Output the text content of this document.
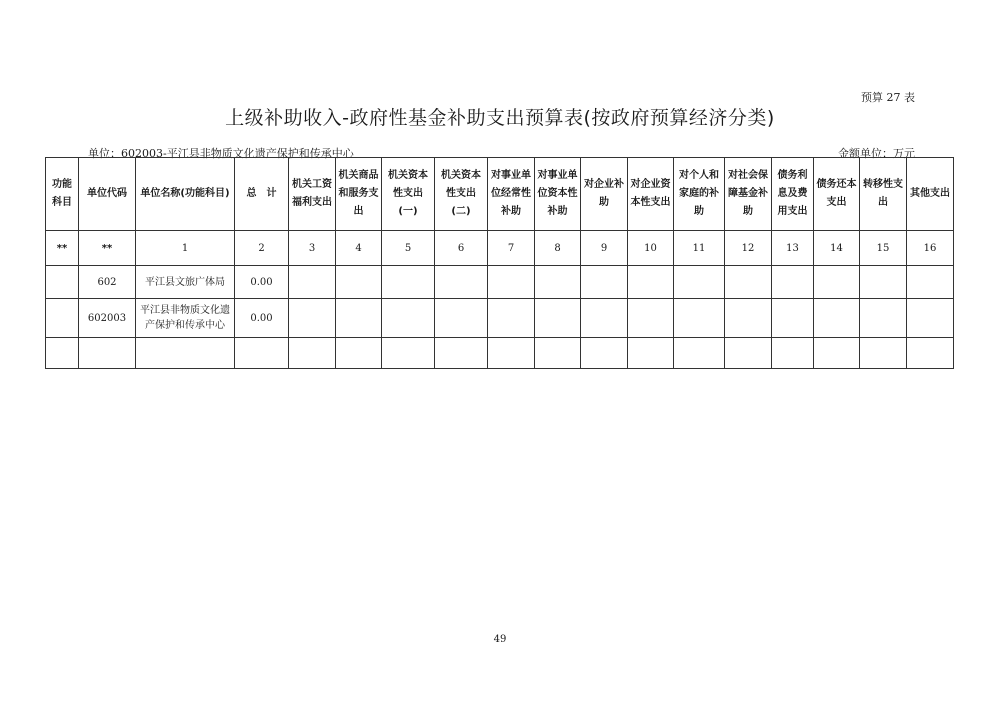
预算 27 表
上级补助收入-政府性基金补助支出预算表(按政府预算经济分类)
单位：602003-平江县非物质文化遗产保护和传承中心	金额单位：万元
功能
科目	单位代码	单位名称(功能科目)	总　计	机关工资
福利支出	机关商品
和服务支
出	机关资本
性支出
(一)	机关资本
性支出
(二)	对事业单
位经常性
补助	对事业单
位资本性
补助	对企业补
助	对企业资
本性支出	对个人和
家庭的补
助	对社会保
障基金补
助	债务利
息及费
用支出	债务还本
支出	转移性支
出	其他支出
**	**	1	2	3	4	5	6	7	8	9	10	11	12	13	14	15	16
	602	平江县文旅广体局	0.00														
	602003	平江县非物质文化遗
产保护和传承中心	0.00														

49
